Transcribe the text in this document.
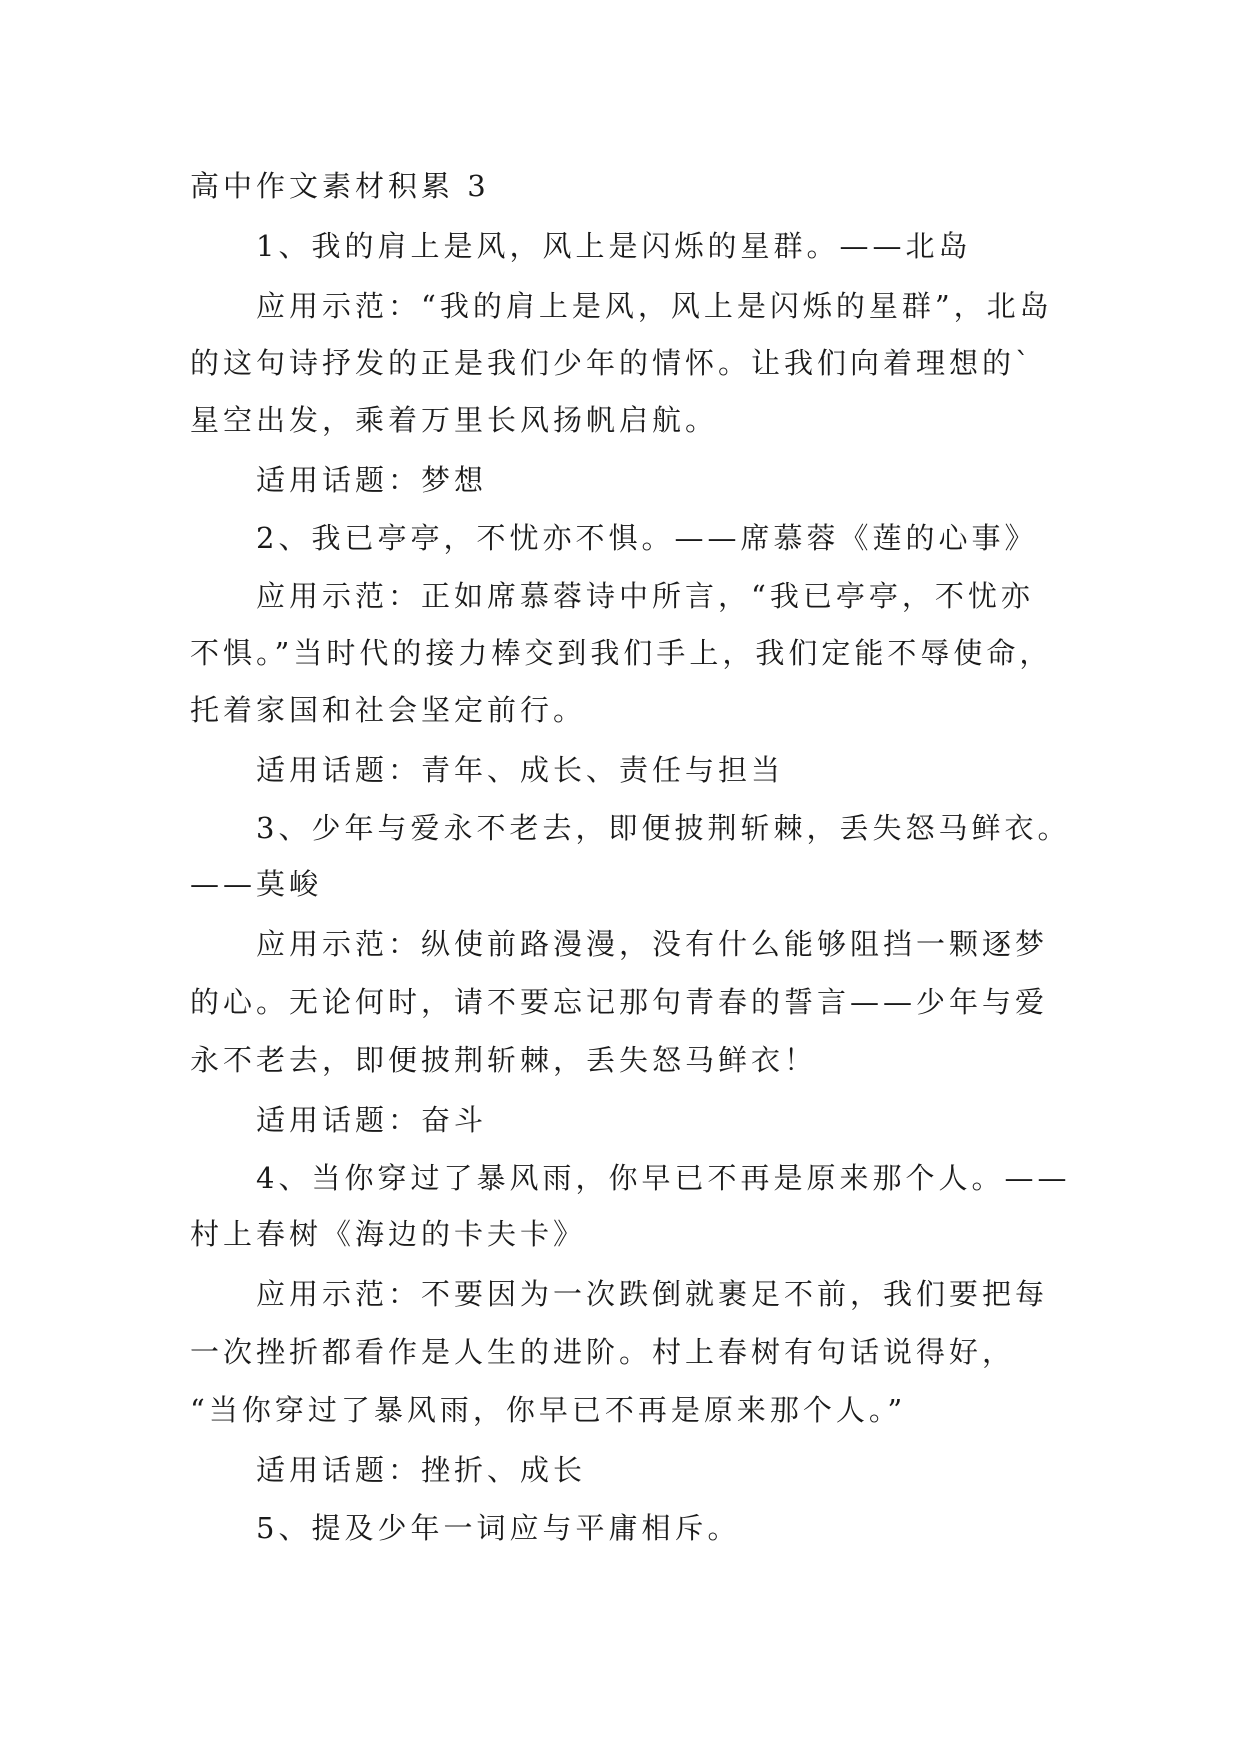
高中作文素材积累 3
1、我的肩上是风，风上是闪烁的星群。——北岛
应用示范：“我的肩上是风，风上是闪烁的星群”，北岛
的这句诗抒发的正是我们少年的情怀。让我们向着理想的`
星空出发，乘着万里长风扬帆启航。
适用话题：梦想
2、我已亭亭，不忧亦不惧。——席慕蓉《莲的心事》
应用示范：正如席慕蓉诗中所言，“我已亭亭，不忧亦
不惧。”当时代的接力棒交到我们手上，我们定能不辱使命，
托着家国和社会坚定前行。
适用话题：青年、成长、责任与担当
3、少年与爱永不老去，即便披荆斩棘，丢失怒马鲜衣。
——莫峻
应用示范：纵使前路漫漫，没有什么能够阻挡一颗逐梦
的心。无论何时，请不要忘记那句青春的誓言——少年与爱
永不老去，即便披荆斩棘，丢失怒马鲜衣！
适用话题：奋斗
4、当你穿过了暴风雨，你早已不再是原来那个人。——
村上春树《海边的卡夫卡》
应用示范：不要因为一次跌倒就裹足不前，我们要把每
一次挫折都看作是人生的进阶。村上春树有句话说得好，
“当你穿过了暴风雨，你早已不再是原来那个人。”
适用话题：挫折、成长
5、提及少年一词应与平庸相斥。
